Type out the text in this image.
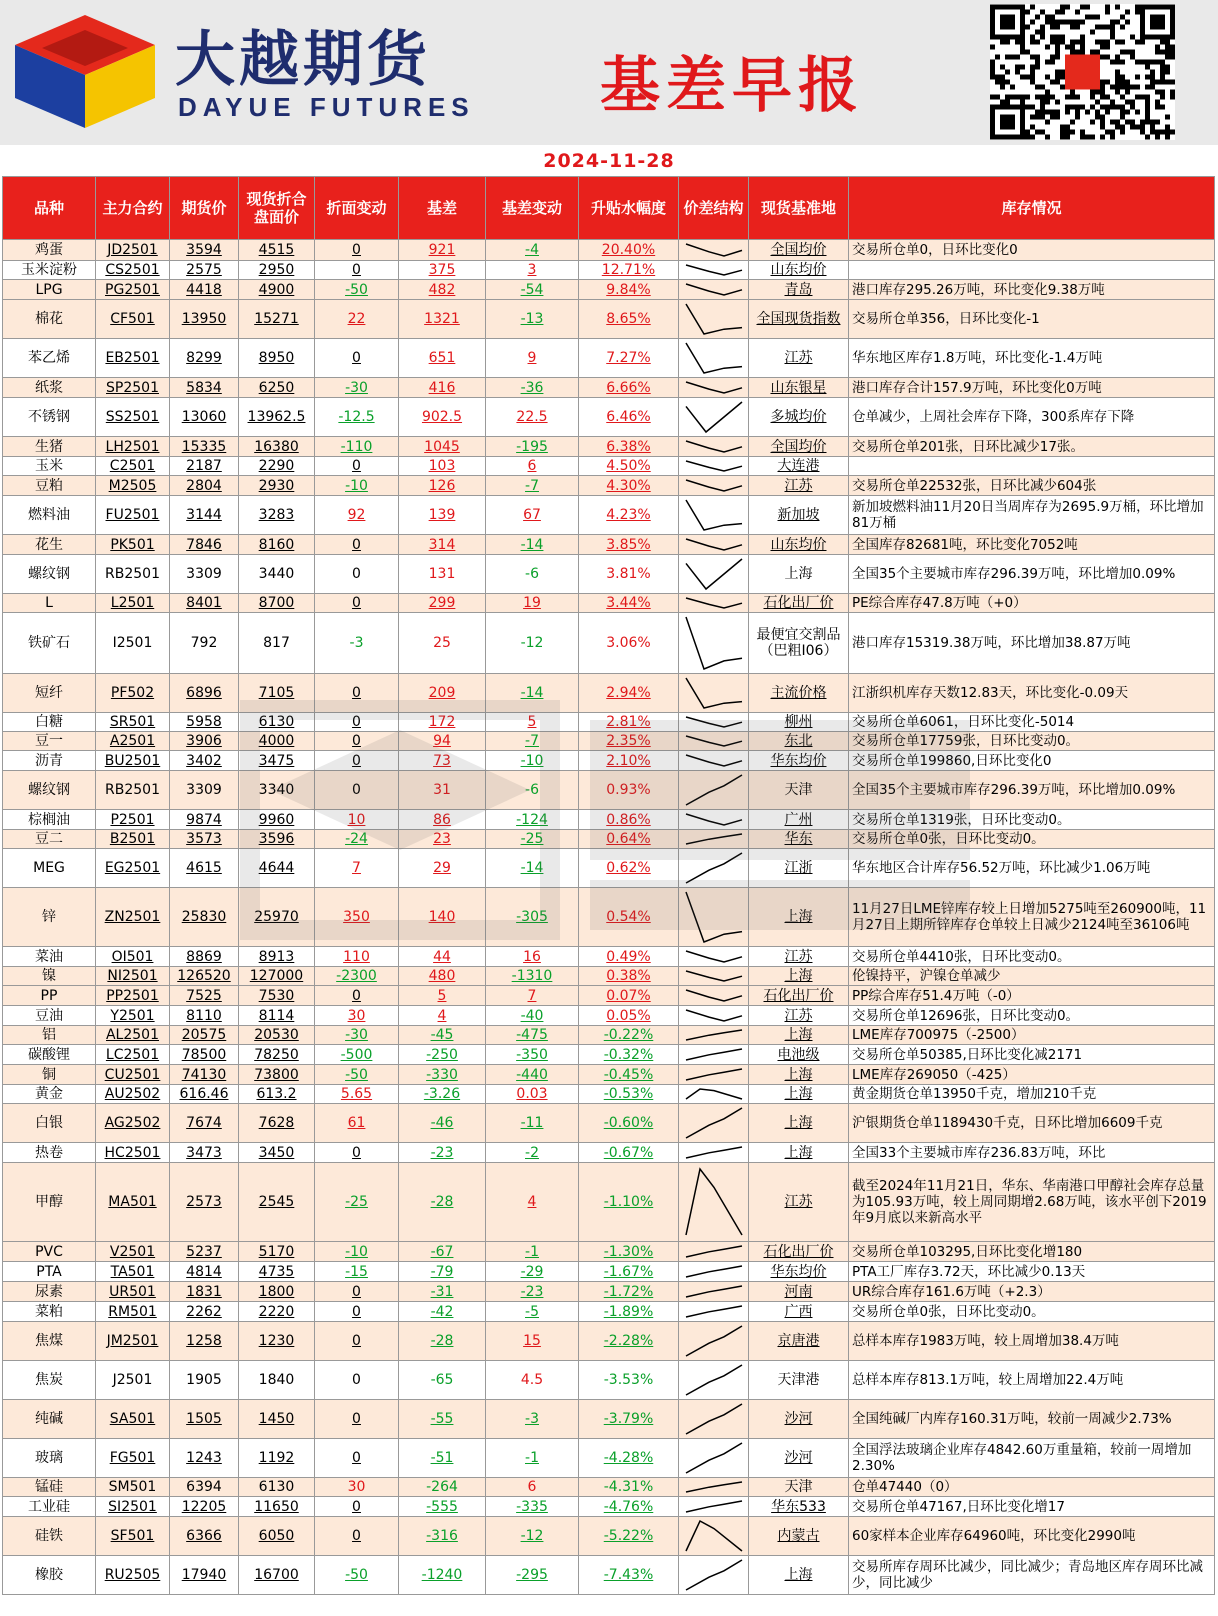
大越期货
DAYUE FUTURES 基差早报
2024-11-28
品种	主力合约	期货价	现货折合盘面价	折面变动	基差	基差变动	升贴水幅度	价差结构	现货基准地	库存情况
鸡蛋	JD2501	3594	4515	0	921	-4	20.40%		全国均价	交易所仓单0，日环比变化0
玉米淀粉	CS2501	2575	2950	0	375	3	12.71%		山东均价	
LPG	PG2501	4418	4900	-50	482	-54	9.84%		青岛	港口库存295.26万吨，环比变化9.38万吨
棉花	CF501	13950	15271	22	1321	-13	8.65%		全国现货指数	交易所仓单356，日环比变化-1
苯乙烯	EB2501	8299	8950	0	651	9	7.27%		江苏	华东地区库存1.8万吨，环比变化-1.4万吨
纸浆	SP2501	5834	6250	-30	416	-36	6.66%		山东银星	港口库存合计157.9万吨，环比变化0万吨
不锈钢	SS2501	13060	13962.5	-12.5	902.5	22.5	6.46%		多城均价	仓单减少，上周社会库存下降，300系库存下降
生猪	LH2501	15335	16380	-110	1045	-195	6.38%		全国均价	交易所仓单201张，日环比减少17张。
玉米	C2501	2187	2290	0	103	6	4.50%		大连港	
豆粕	M2505	2804	2930	-10	126	-7	4.30%		江苏	交易所仓单22532张，日环比减少604张
燃料油	FU2501	3144	3283	92	139	67	4.23%		新加坡	新加坡燃料油11月20日当周库存为2695.9万桶，环比增加81万桶
花生	PK501	7846	8160	0	314	-14	3.85%		山东均价	全国库存82681吨，环比变化7052吨
螺纹钢	RB2501	3309	3440	0	131	-6	3.81%		上海	全国35个主要城市库存296.39万吨，环比增加0.09%
L	L2501	8401	8700	0	299	19	3.44%		石化出厂价	PE综合库存47.8万吨（+0）
铁矿石	I2501	792	817	-3	25	-12	3.06%		最便宜交割品（巴粗I06）	港口库存15319.38万吨，环比增加38.87万吨
短纤	PF502	6896	7105	0	209	-14	2.94%		主流价格	江浙织机库存天数12.83天，环比变化-0.09天
白糖	SR501	5958	6130	0	172	5	2.81%		柳州	交易所仓单6061，日环比变化-5014
豆一	A2501	3906	4000	0	94	-7	2.35%		东北	交易所仓单17759张，日环比变动0。
沥青	BU2501	3402	3475	0	73	-10	2.10%		华东均价	交易所仓单199860,日环比变化0
螺纹钢	RB2501	3309	3340	0	31	-6	0.93%		天津	全国35个主要城市库存296.39万吨，环比增加0.09%
棕榈油	P2501	9874	9960	10	86	-124	0.86%		广州	交易所仓单1319张，日环比变动0。
豆二	B2501	3573	3596	-24	23	-25	0.64%		华东	交易所仓单0张，日环比变动0。
MEG	EG2501	4615	4644	7	29	-14	0.62%		江浙	华东地区合计库存56.52万吨，环比减少1.06万吨
锌	ZN2501	25830	25970	350	140	-305	0.54%		上海	11月27日LME锌库存较上日增加5275吨至260900吨，11月27日上期所锌库存仓单较上日减少2124吨至36106吨
菜油	OI501	8869	8913	110	44	16	0.49%		江苏	交易所仓单4410张，日环比变动0。
镍	NI2501	126520	127000	-2300	480	-1310	0.38%		上海	伦镍持平，沪镍仓单减少
PP	PP2501	7525	7530	0	5	7	0.07%		石化出厂价	PP综合库存51.4万吨（-0）
豆油	Y2501	8110	8114	30	4	-40	0.05%		江苏	交易所仓单12696张，日环比变动0。
铝	AL2501	20575	20530	-30	-45	-475	-0.22%		上海	LME库存700975（-2500）
碳酸锂	LC2501	78500	78250	-500	-250	-350	-0.32%		电池级	交易所仓单50385,日环比变化减2171
铜	CU2501	74130	73800	-50	-330	-440	-0.45%		上海	LME库存269050（-425）
黄金	AU2502	616.46	613.2	5.65	-3.26	0.03	-0.53%		上海	黄金期货仓单13950千克，增加210千克
白银	AG2502	7674	7628	61	-46	-11	-0.60%		上海	沪银期货仓单1189430千克，日环比增加6609千克
热卷	HC2501	3473	3450	0	-23	-2	-0.67%		上海	全国33个主要城市库存236.83万吨，环比
甲醇	MA501	2573	2545	-25	-28	4	-1.10%		江苏	截至2024年11月21日，华东、华南港口甲醇社会库存总量为105.93万吨，较上周同期增2.68万吨，该水平创下2019年9月底以来新高水平
PVC	V2501	5237	5170	-10	-67	-1	-1.30%		石化出厂价	交易所仓单103295,日环比变化增180
PTA	TA501	4814	4735	-15	-79	-29	-1.67%		华东均价	PTA工厂库存3.72天，环比减少0.13天
尿素	UR501	1831	1800	0	-31	-23	-1.72%		河南	UR综合库存161.6万吨（+2.3）
菜粕	RM501	2262	2220	0	-42	-5	-1.89%		广西	交易所仓单0张，日环比变动0。
焦煤	JM2501	1258	1230	0	-28	15	-2.28%		京唐港	总样本库存1983万吨，较上周增加38.4万吨
焦炭	J2501	1905	1840	0	-65	4.5	-3.53%		天津港	总样本库存813.1万吨，较上周增加22.4万吨
纯碱	SA501	1505	1450	0	-55	-3	-3.79%		沙河	全国纯碱厂内库存160.31万吨，较前一周减少2.73%
玻璃	FG501	1243	1192	0	-51	-1	-4.28%		沙河	全国浮法玻璃企业库存4842.60万重量箱，较前一周增加2.30%
锰硅	SM501	6394	6130	30	-264	6	-4.31%		天津	仓单47440（0）
工业硅	SI2501	12205	11650	0	-555	-335	-4.76%		华东533	交易所仓单47167,日环比变化增17
硅铁	SF501	6366	6050	0	-316	-12	-5.22%		内蒙古	60家样本企业库存64960吨，环比变化2990吨
橡胶	RU2505	17940	16700	-50	-1240	-295	-7.43%		上海	交易所库存周环比减少，同比减少；青岛地区库存周环比减少，同比减少
